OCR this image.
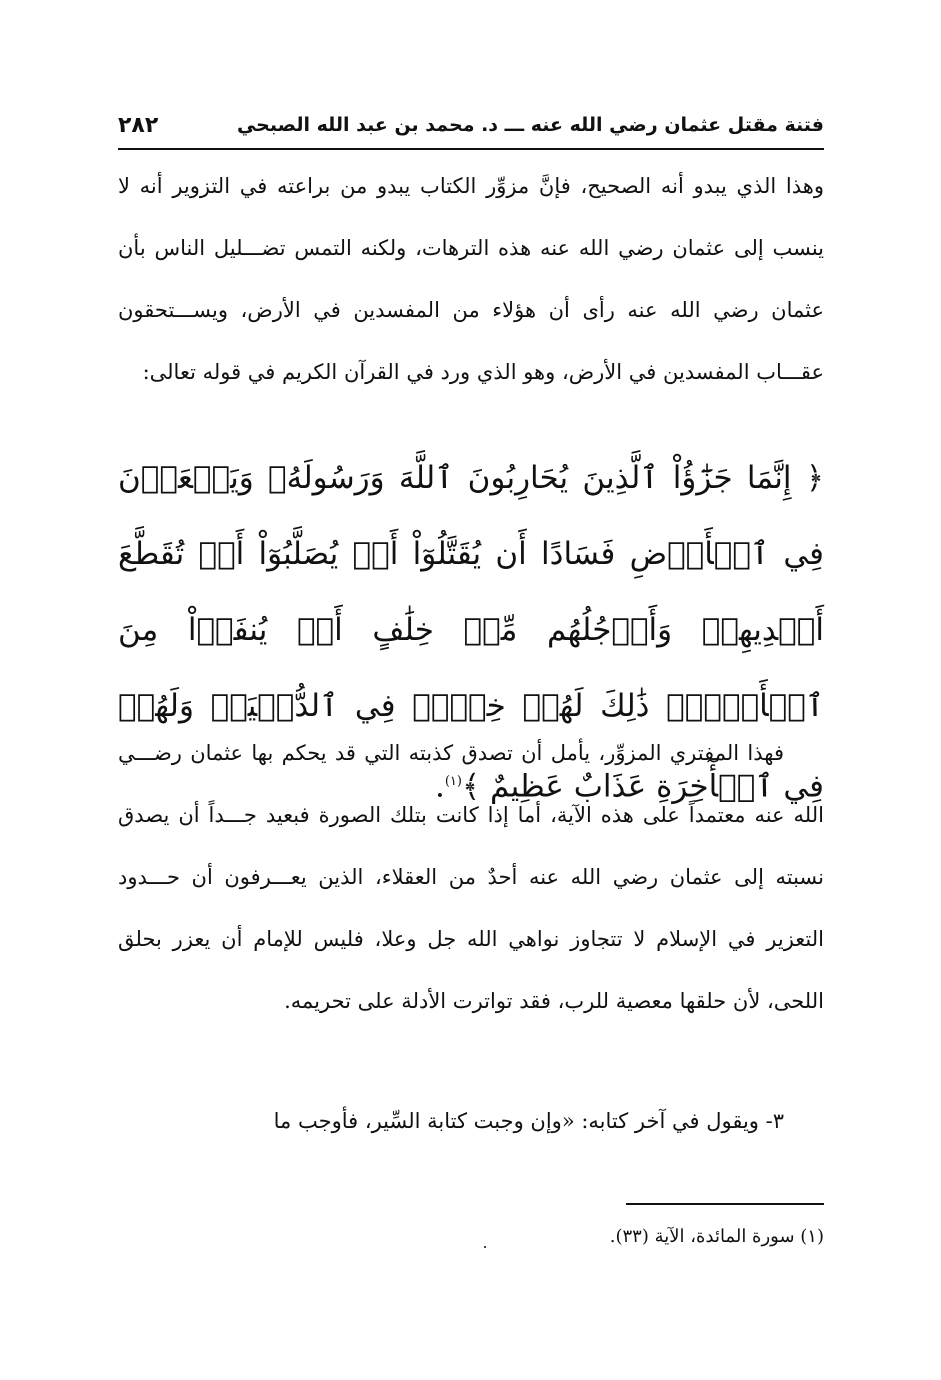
فتنة مقتل عثمان رضي الله عنه ـــ د. محمد بن عبد الله الصبحي
٢٨٢

وهذا الذي يبدو أنه الصحيح، فإنَّ مزوِّر الكتاب يبدو من براعته في التزوير أنه لا ينسب إلى عثمان رضي الله عنه هذه الترهات، ولكنه التمس تضـــليل الناس بأن عثمان رضي الله عنه رأى أن هؤلاء من المفسدين في الأرض، ويســـتحقون عقـــاب المفسدين في الأرض، وهو الذي ورد في القرآن الكريم في قوله تعالى:

﴿ إِنَّمَا جَزَٰٓؤُاْ ٱلَّذِينَ يُحَارِبُونَ ٱللَّهَ وَرَسُولَهُۥ وَيَسۡعَوۡنَ فِي ٱلۡأَرۡضِ فَسَادًا أَن يُقَتَّلُوٓاْ أَوۡ يُصَلَّبُوٓاْ أَوۡ تُقَطَّعَ أَيۡدِيهِمۡ وَأَرۡجُلُهُم مِّنۡ خِلَٰفٍ أَوۡ يُنفَوۡاْ مِنَ ٱلۡأَرۡضِۚ ذَٰلِكَ لَهُمۡ خِزۡيٞ فِي ٱلدُّنۡيَاۖ وَلَهُمۡ فِي ٱلۡأٓخِرَةِ عَذَابٌ عَظِيمٌ ﴾$^{(١)}$.

فهذا المفتري المزوِّر، يأمل أن تصدق كذبته التي قد يحكم بها عثمان رضـــي الله عنه معتمداً على هذه الآية، أما إذا كانت بتلك الصورة فبعيد جـــداً أن يصدق نسبته إلى عثمان رضي الله عنه أحدٌ من العقلاء، الذين يعـــرفون أن حـــدود التعزير في الإسلام لا تتجاوز نواهي الله جل وعلا، فليس للإمام أن يعزر بحلق اللحى، لأن حلقها معصية للرب، فقد تواترت الأدلة على تحريمه.

٣- ويقول في آخر كتابه: «وإن وجبت كتابة السِّير، فأوجب ما

(١) سورة المائدة، الآية (٣٣).
